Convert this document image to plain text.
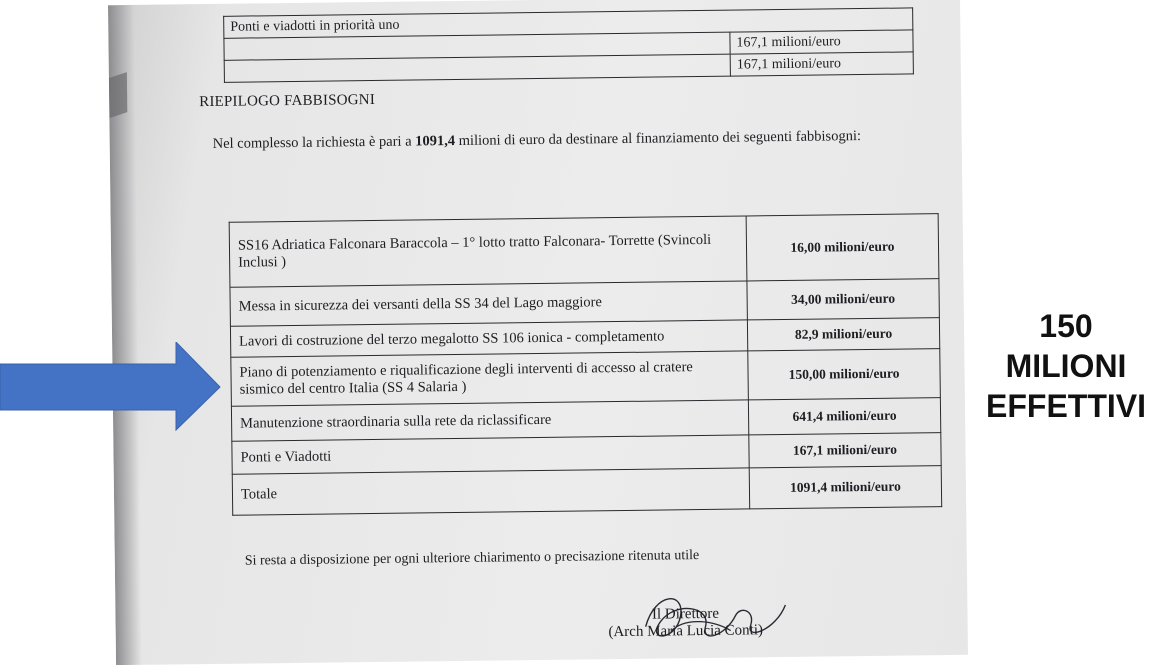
Ponti e viadotti in priorità uno	
	167,1 milioni/euro
	167,1 milioni/euro
RIEPILOGO FABBISOGNI
Nel complesso la richiesta è pari a 1091,4 milioni di euro da destinare al finanziamento dei seguenti fabbisogni:
SS16 Adriatica Falconara Baraccola – 1° lotto tratto Falconara- Torrette (Svincoli Inclusi )	16,00 milioni/euro
Messa in sicurezza dei versanti della SS 34 del Lago maggiore	34,00 milioni/euro
Lavori di costruzione del terzo megalotto SS 106 ionica - completamento	82,9 milioni/euro
Piano di potenziamento e riqualificazione degli interventi di accesso al cratere sismico del centro Italia (SS 4 Salaria )	150,00 milioni/euro
Manutenzione straordinaria sulla rete da riclassificare	641,4 milioni/euro
Ponti e Viadotti	167,1 milioni/euro
Totale	1091,4 milioni/euro
Si resta a disposizione per ogni ulteriore chiarimento o precisazione ritenuta utile
Il Direttore
(Arch Maria Lucia Conti)
150
MILIONI
EFFETTIVI
